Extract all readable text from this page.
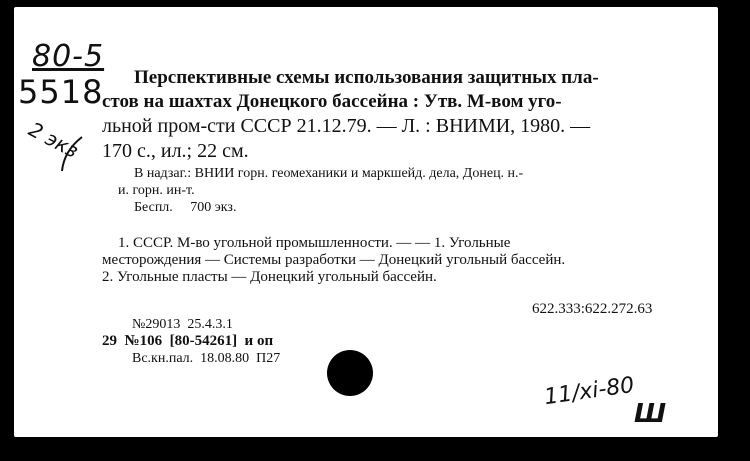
80-5
5518
2 экз
Перспективные схемы использования защитных пла-
стов на шахтах Донецкого бассейна : Утв. М-вом уго-
льной пром-сти СССР 21.12.79. — Л. : ВНИМИ, 1980. —
170 с., ил.; 22 см.
В надзаг.: ВНИИ горн. геомеханики и маркшейд. дела, Донец. н.-
и. горн. ин-т.
Беспл.     700 экз.
1. СССР. М-во угольной промышленности. — — 1. Угольные
месторождения — Системы разработки — Донецкий угольный бассейн.
2. Угольные пласты — Донецкий угольный бассейн.
622.333:622.272.63
№29013  25.4.3.1
29  №106  [80-54261]  и оп
Вс.кн.пал.  18.08.80  П27
11/xi-80
Ш
